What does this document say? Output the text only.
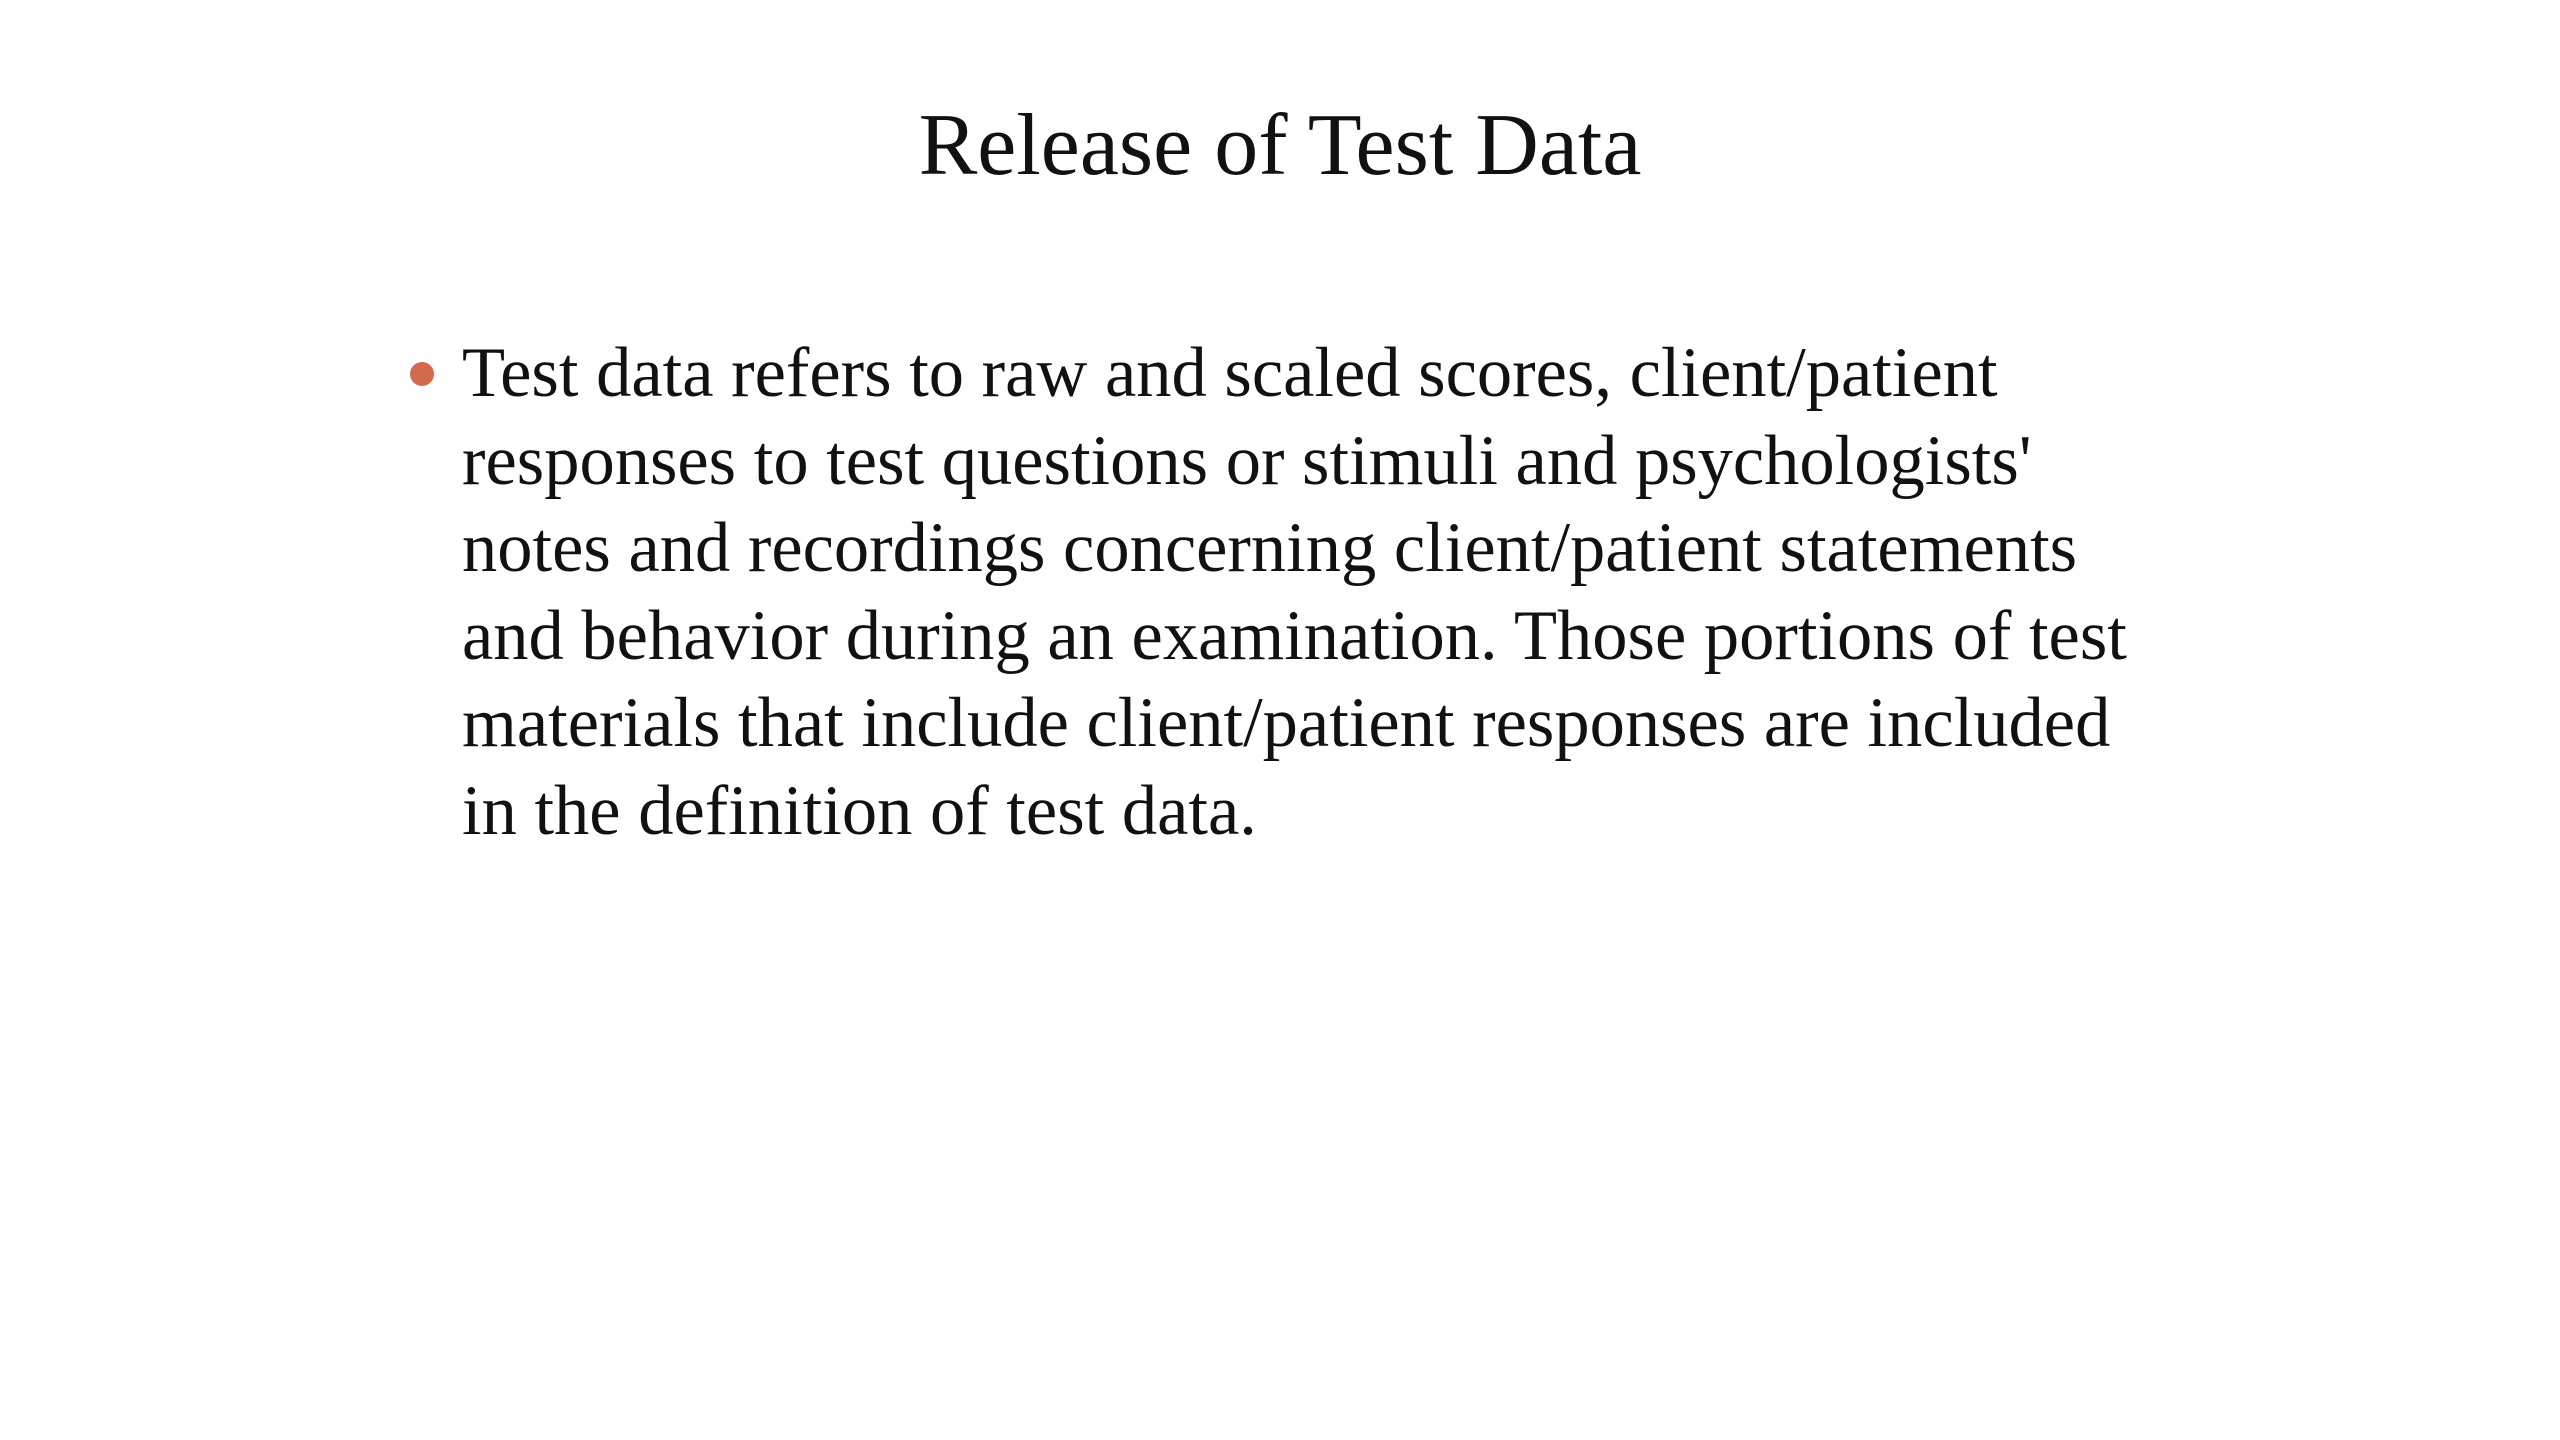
Release of Test Data
Test data refers to raw and scaled scores, client/patient responses to test questions or stimuli and psychologists' notes and recordings concerning client/patient statements and behavior during an examination. Those portions of test materials that include client/patient responses are included in the definition of test data.
